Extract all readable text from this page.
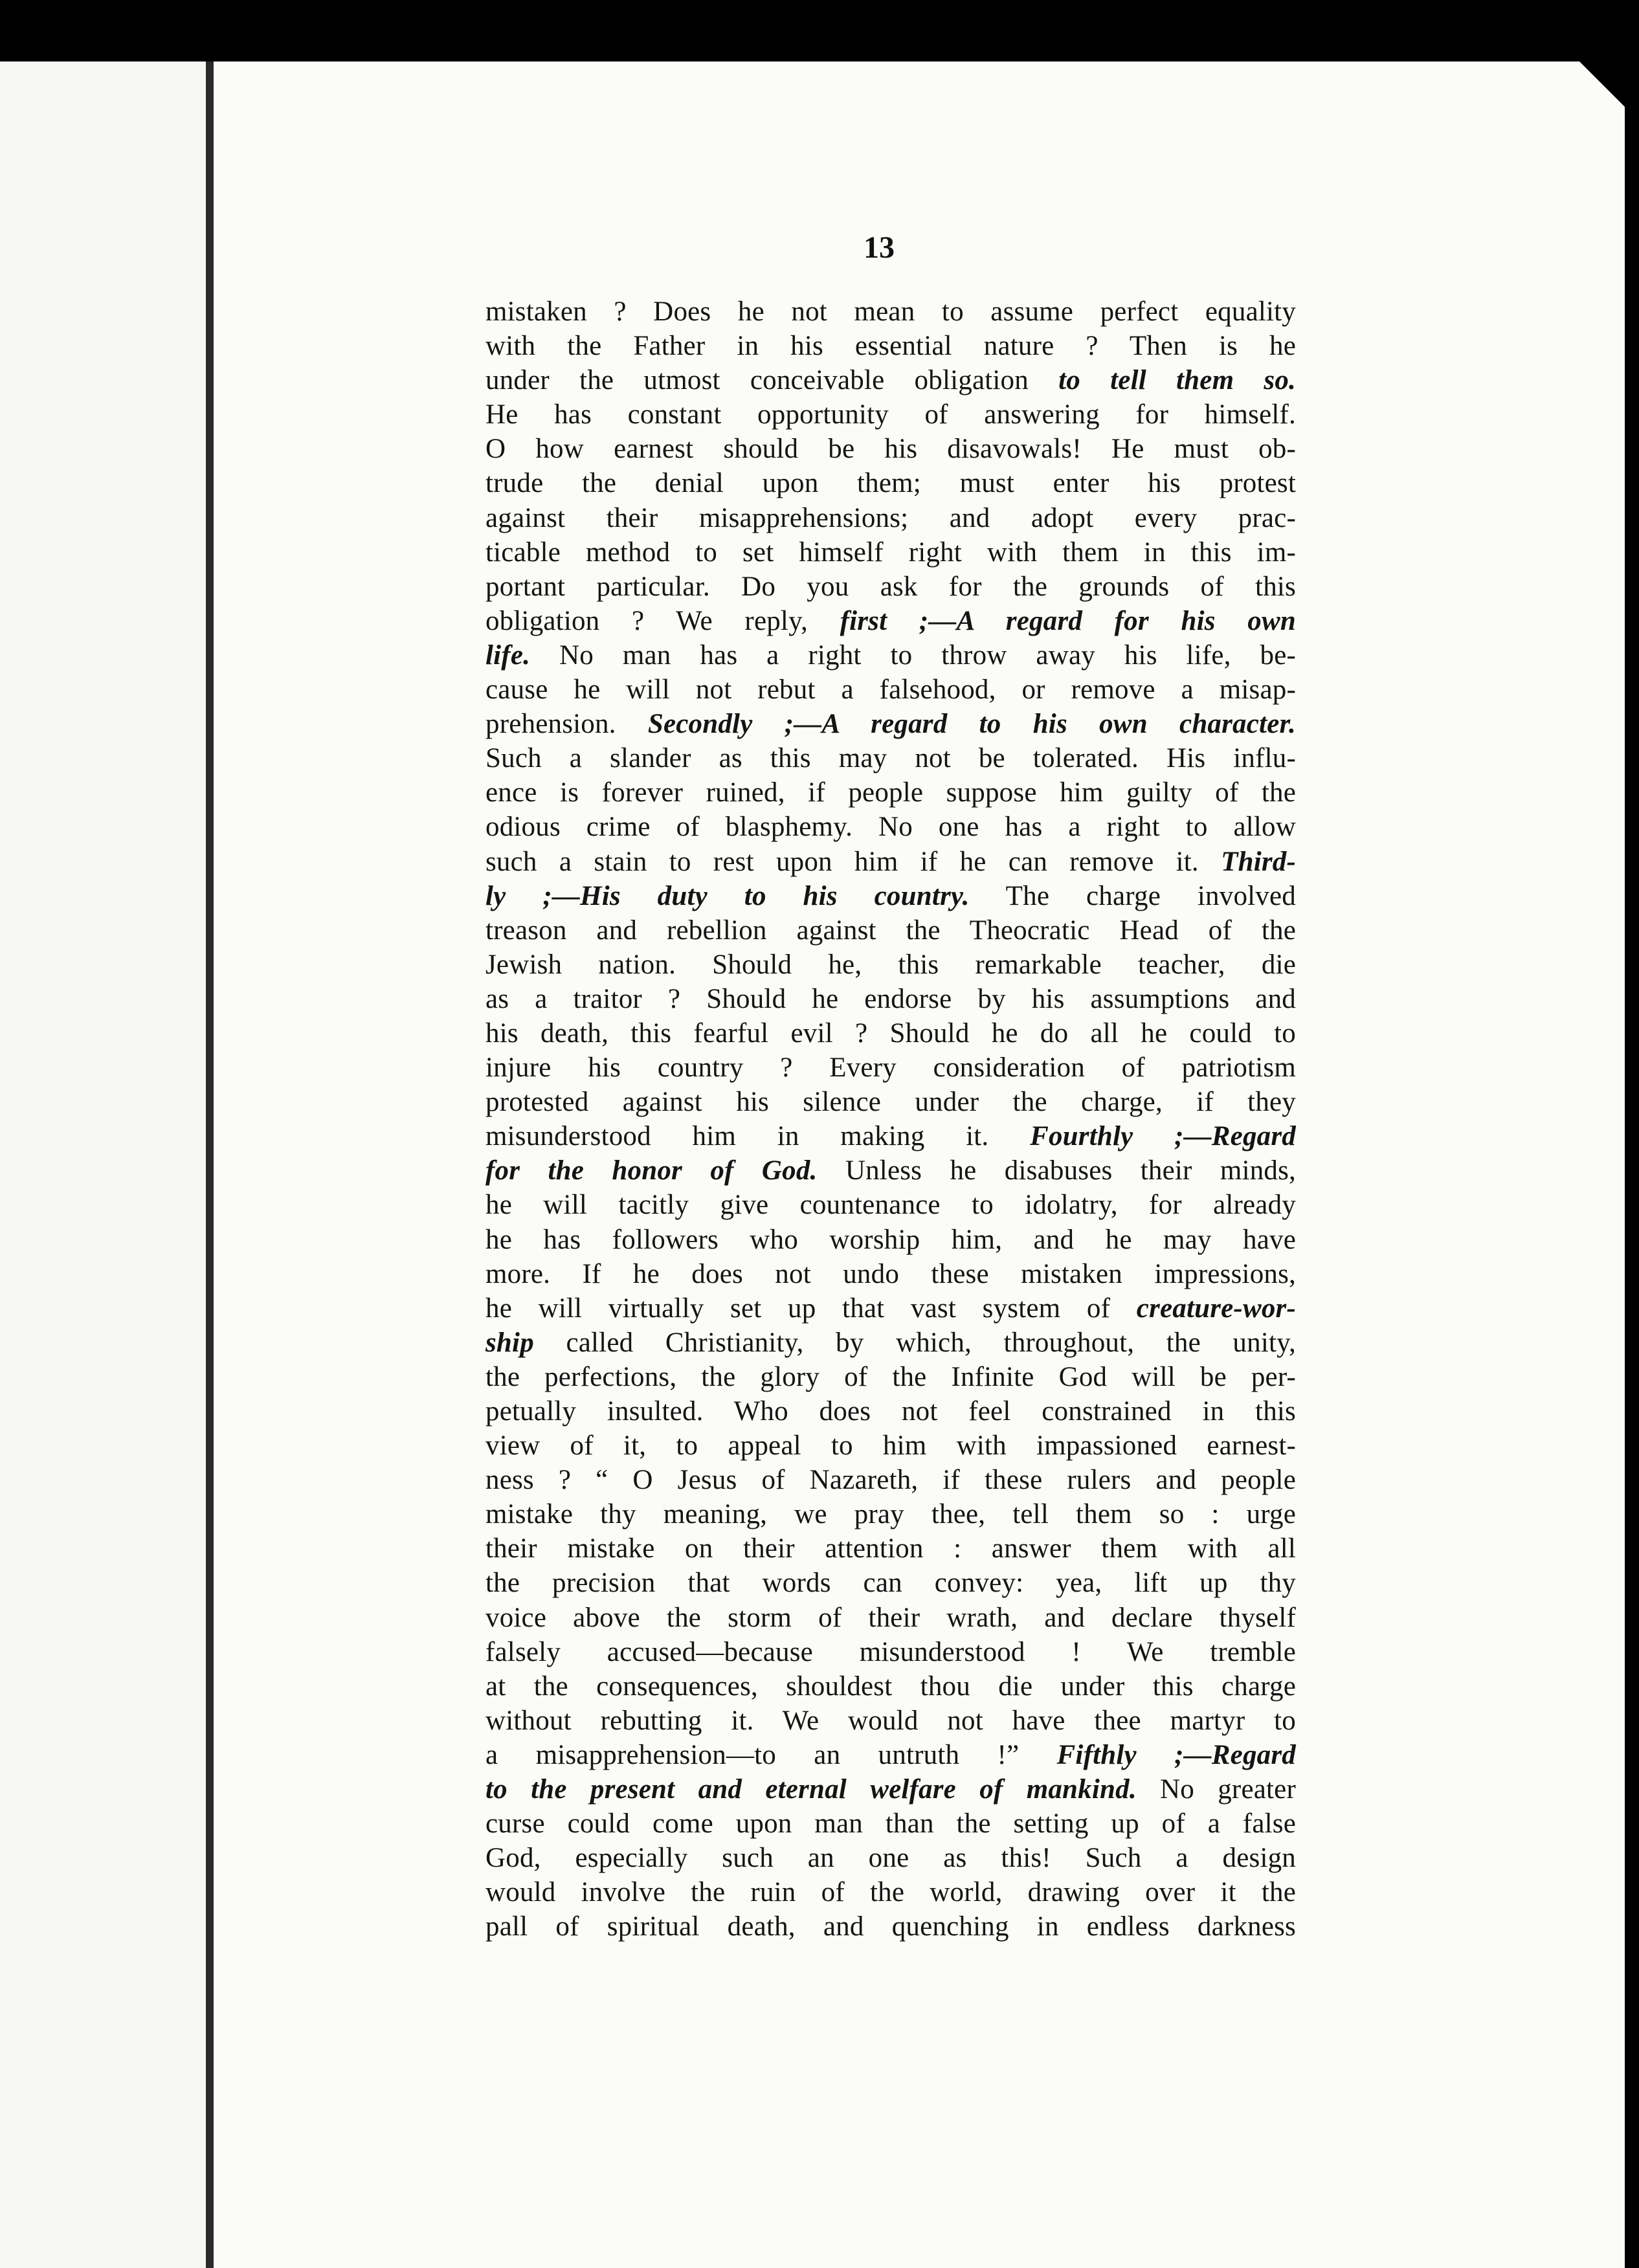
13
mistaken ? Does he not mean to assume perfect equality
with the Father in his essential nature ? Then is he
under the utmost conceivable obligation to tell them so.
He has constant opportunity of answering for himself.
O how earnest should be his disavowals! He must ob-
trude the denial upon them; must enter his protest
against their misapprehensions; and adopt every prac-
ticable method to set himself right with them in this im-
portant particular. Do you ask for the grounds of this
obligation ? We reply, first ;—A regard for his own
life. No man has a right to throw away his life, be-
cause he will not rebut a falsehood, or remove a misap-
prehension. Secondly ;—A regard to his own character.
Such a slander as this may not be tolerated. His influ-
ence is forever ruined, if people suppose him guilty of the
odious crime of blasphemy. No one has a right to allow
such a stain to rest upon him if he can remove it. Third-
ly ;—His duty to his country. The charge involved
treason and rebellion against the Theocratic Head of the
Jewish nation. Should he, this remarkable teacher, die
as a traitor ? Should he endorse by his assumptions and
his death, this fearful evil ? Should he do all he could to
injure his country ? Every consideration of patriotism
protested against his silence under the charge, if they
misunderstood him in making it. Fourthly ;—Regard
for the honor of God. Unless he disabuses their minds,
he will tacitly give countenance to idolatry, for already
he has followers who worship him, and he may have
more. If he does not undo these mistaken impressions,
he will virtually set up that vast system of creature-wor-
ship called Christianity, by which, throughout, the unity,
the perfections, the glory of the Infinite God will be per-
petually insulted. Who does not feel constrained in this
view of it, to appeal to him with impassioned earnest-
ness ? “ O Jesus of Nazareth, if these rulers and people
mistake thy meaning, we pray thee, tell them so : urge
their mistake on their attention : answer them with all
the precision that words can convey: yea, lift up thy
voice above the storm of their wrath, and declare thyself
falsely accused—because misunderstood ! We tremble
at the consequences, shouldest thou die under this charge
without rebutting it. We would not have thee martyr to
a misapprehension—to an untruth !” Fifthly ;—Regard
to the present and eternal welfare of mankind. No greater
curse could come upon man than the setting up of a false
God, especially such an one as this! Such a design
would involve the ruin of the world, drawing over it the
pall of spiritual death, and quenching in endless darkness
